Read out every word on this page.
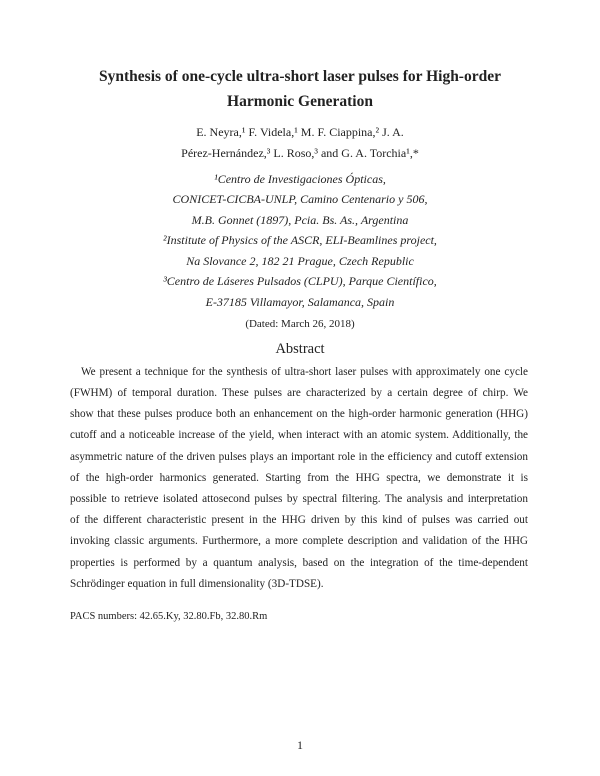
Synthesis of one-cycle ultra-short laser pulses for High-order
Harmonic Generation
E. Neyra,¹ F. Videla,¹ M. F. Ciappina,² J. A.
Pérez-Hernández,³ L. Roso,³ and G. A. Torchia¹,*
¹Centro de Investigaciones Ópticas,
CONICET-CICBA-UNLP, Camino Centenario y 506,
M.B. Gonnet (1897), Pcia. Bs. As., Argentina
²Institute of Physics of the ASCR, ELI-Beamlines project,
Na Slovance 2, 182 21 Prague, Czech Republic
³Centro de Láseres Pulsados (CLPU), Parque Científico,
E-37185 Villamayor, Salamanca, Spain
(Dated: March 26, 2018)
Abstract
We present a technique for the synthesis of ultra-short laser pulses with approximately one cycle
(FWHM) of temporal duration. These pulses are characterized by a certain degree of chirp. We
show that these pulses produce both an enhancement on the high-order harmonic generation (HHG)
cutoff and a noticeable increase of the yield, when interact with an atomic system. Additionally, the
asymmetric nature of the driven pulses plays an important role in the efficiency and cutoff extension
of the high-order harmonics generated. Starting from the HHG spectra, we demonstrate it is
possible to retrieve isolated attosecond pulses by spectral filtering. The analysis and interpretation
of the different characteristic present in the HHG driven by this kind of pulses was carried out
invoking classic arguments. Furthermore, a more complete description and validation of the HHG
properties is performed by a quantum analysis, based on the integration of the time-dependent
Schrödinger equation in full dimensionality (3D-TDSE).
PACS numbers: 42.65.Ky, 32.80.Fb, 32.80.Rm
1
